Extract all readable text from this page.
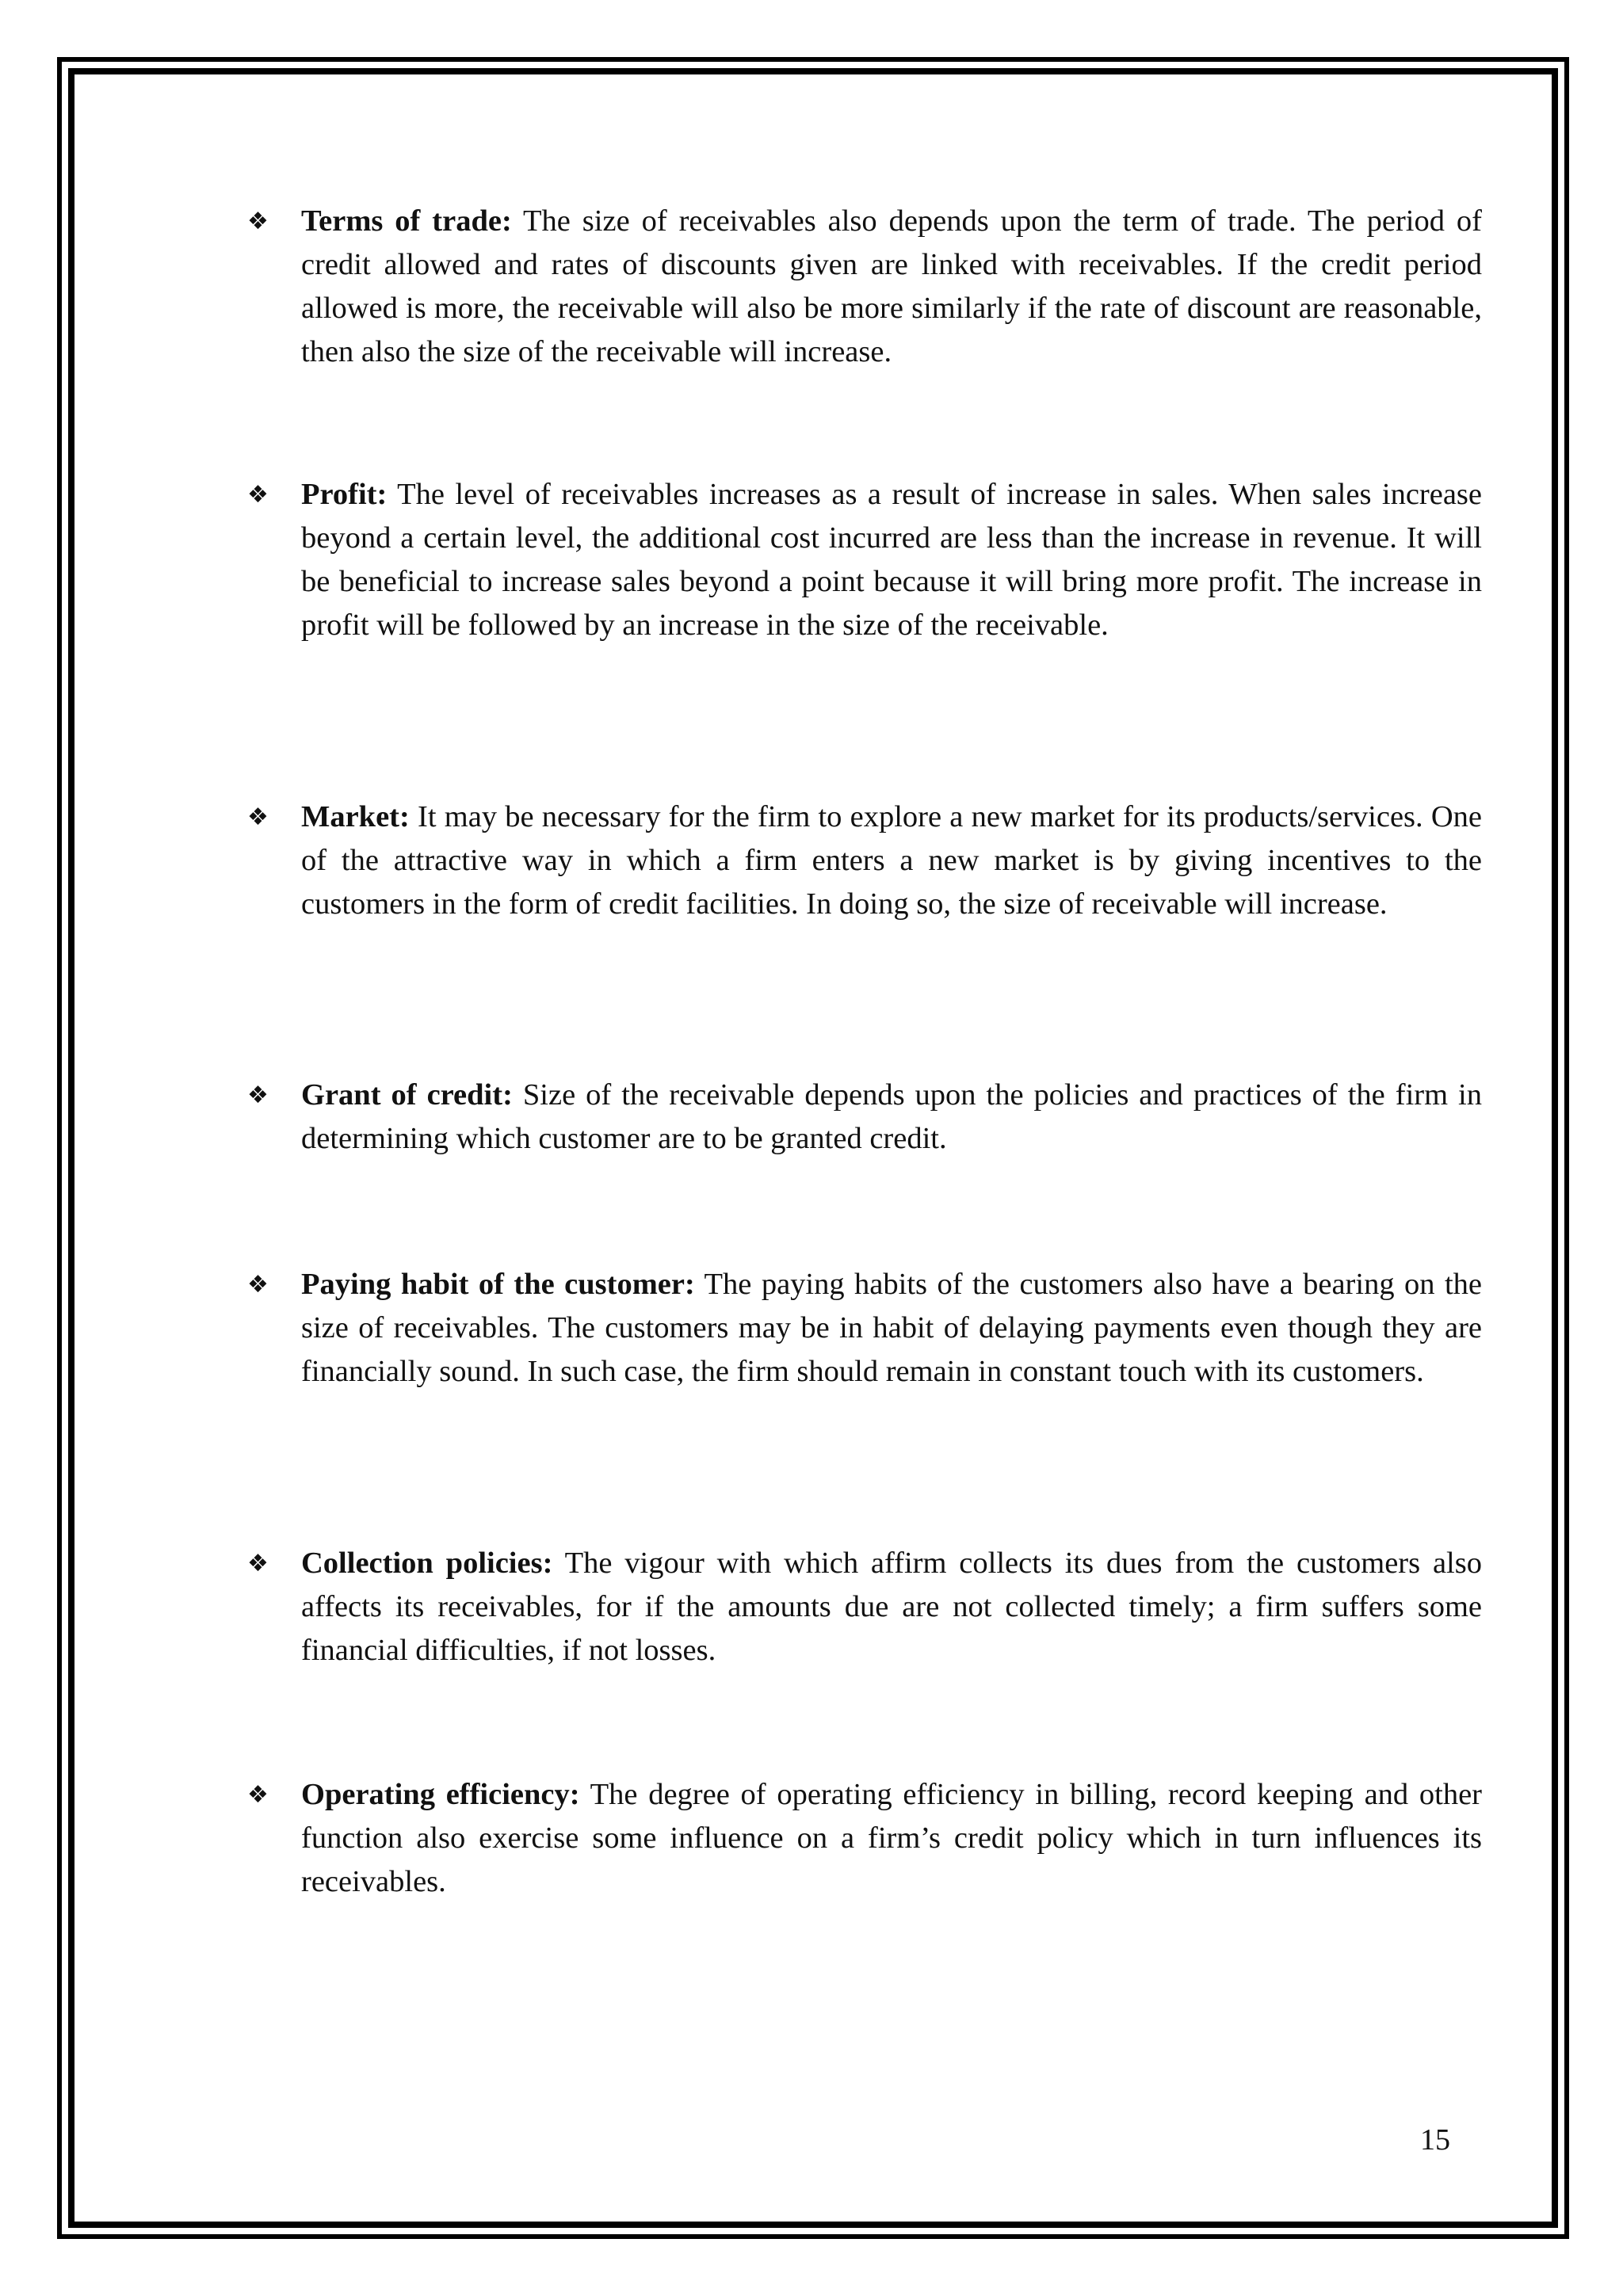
❖	Terms of trade: The size of receivables also depends upon the term of trade. The period of credit allowed and rates of discounts given are linked with receivables. If the credit period allowed is more, the receivable will also be more similarly if the rate of discount are reasonable, then also the size of the receivable will increase.
❖	Profit: The level of receivables increases as a result of increase in sales. When sales increase beyond a certain level, the additional cost incurred are less than the increase in revenue. It will be beneficial to increase sales beyond a point because it will bring more profit. The increase in profit will be followed by an increase in the size of the receivable.
❖	Market: It may be necessary for the firm to explore a new market for its products/services. One of the attractive way in which a firm enters a new market is by giving incentives to the customers in the form of credit facilities. In doing so, the size of receivable will increase.
❖	Grant of credit: Size of the receivable depends upon the policies and practices of the firm in determining which customer are to be granted credit.
❖	Paying habit of the customer: The paying habits of the customers also have a bearing on the size of receivables. The customers may be in habit of delaying payments even though they are financially sound. In such case, the firm should remain in constant touch with its customers.
❖	Collection policies: The vigour with which affirm collects its dues from the customers also affects its receivables, for if the amounts due are not collected timely; a firm suffers some financial difficulties, if not losses.
❖	Operating efficiency: The degree of operating efficiency in billing, record keeping and other function also exercise some influence on a firm’s credit policy which in turn influences its receivables.
15
